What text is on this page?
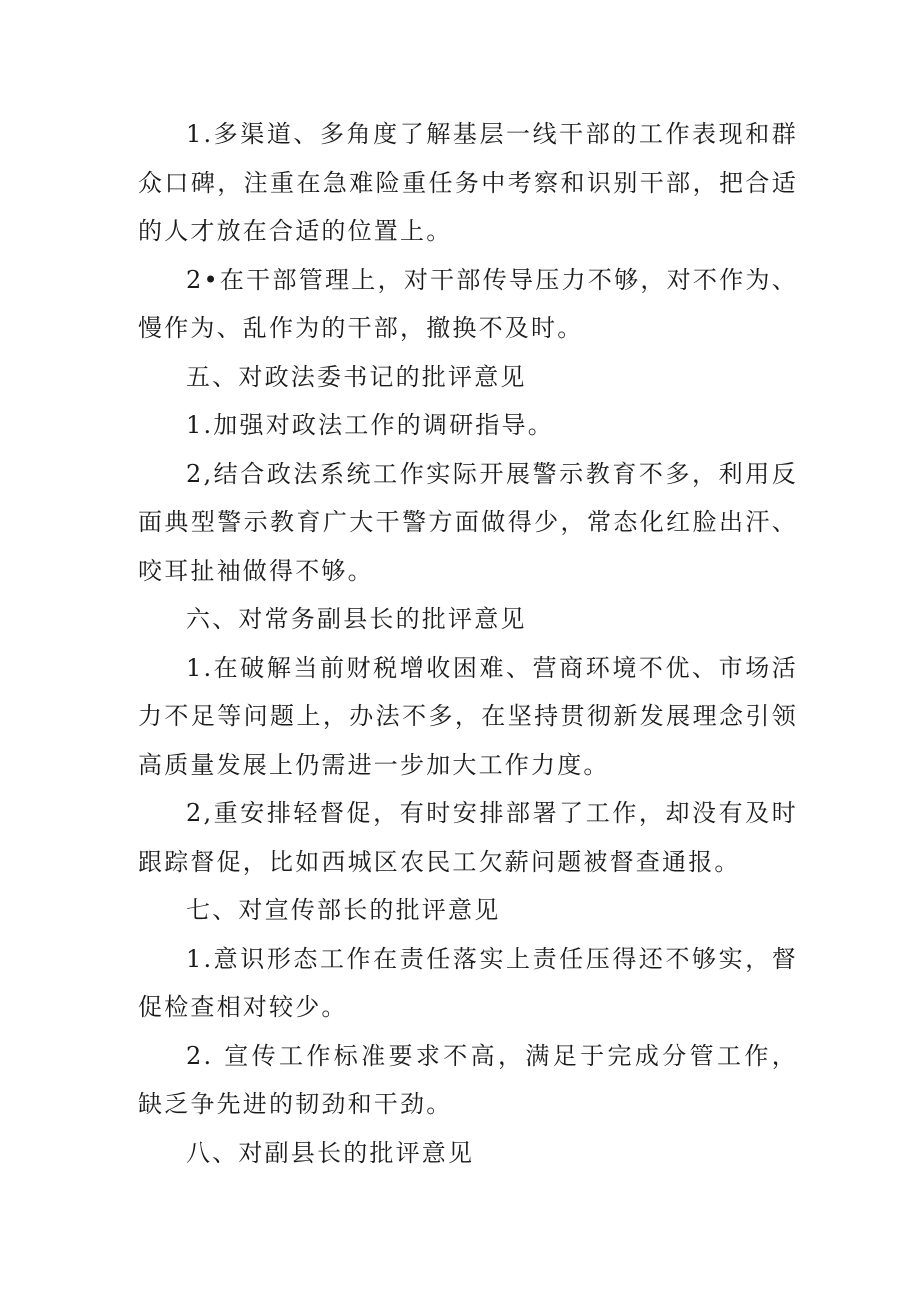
1.多渠道、多角度了解基层一线干部的工作表现和群众口碑，注重在急难险重任务中考察和识别干部，把合适的人才放在合适的位置上。

2•在干部管理上，对干部传导压力不够，对不作为、慢作为、乱作为的干部，撤换不及时。

五、对政法委书记的批评意见

1.加强对政法工作的调研指导。

2,结合政法系统工作实际开展警示教育不多，利用反面典型警示教育广大干警方面做得少，常态化红脸出汗、咬耳扯袖做得不够。

六、对常务副县长的批评意见

1.在破解当前财税增收困难、营商环境不优、市场活力不足等问题上，办法不多，在坚持贯彻新发展理念引领高质量发展上仍需进一步加大工作力度。

2,重安排轻督促，有时安排部署了工作，却没有及时跟踪督促，比如西城区农民工欠薪问题被督查通报。

七、对宣传部长的批评意见

1.意识形态工作在责任落实上责任压得还不够实，督促检查相对较少。

2. 宣传工作标准要求不高，满足于完成分管工作，缺乏争先进的韧劲和干劲。

八、对副县长的批评意见
